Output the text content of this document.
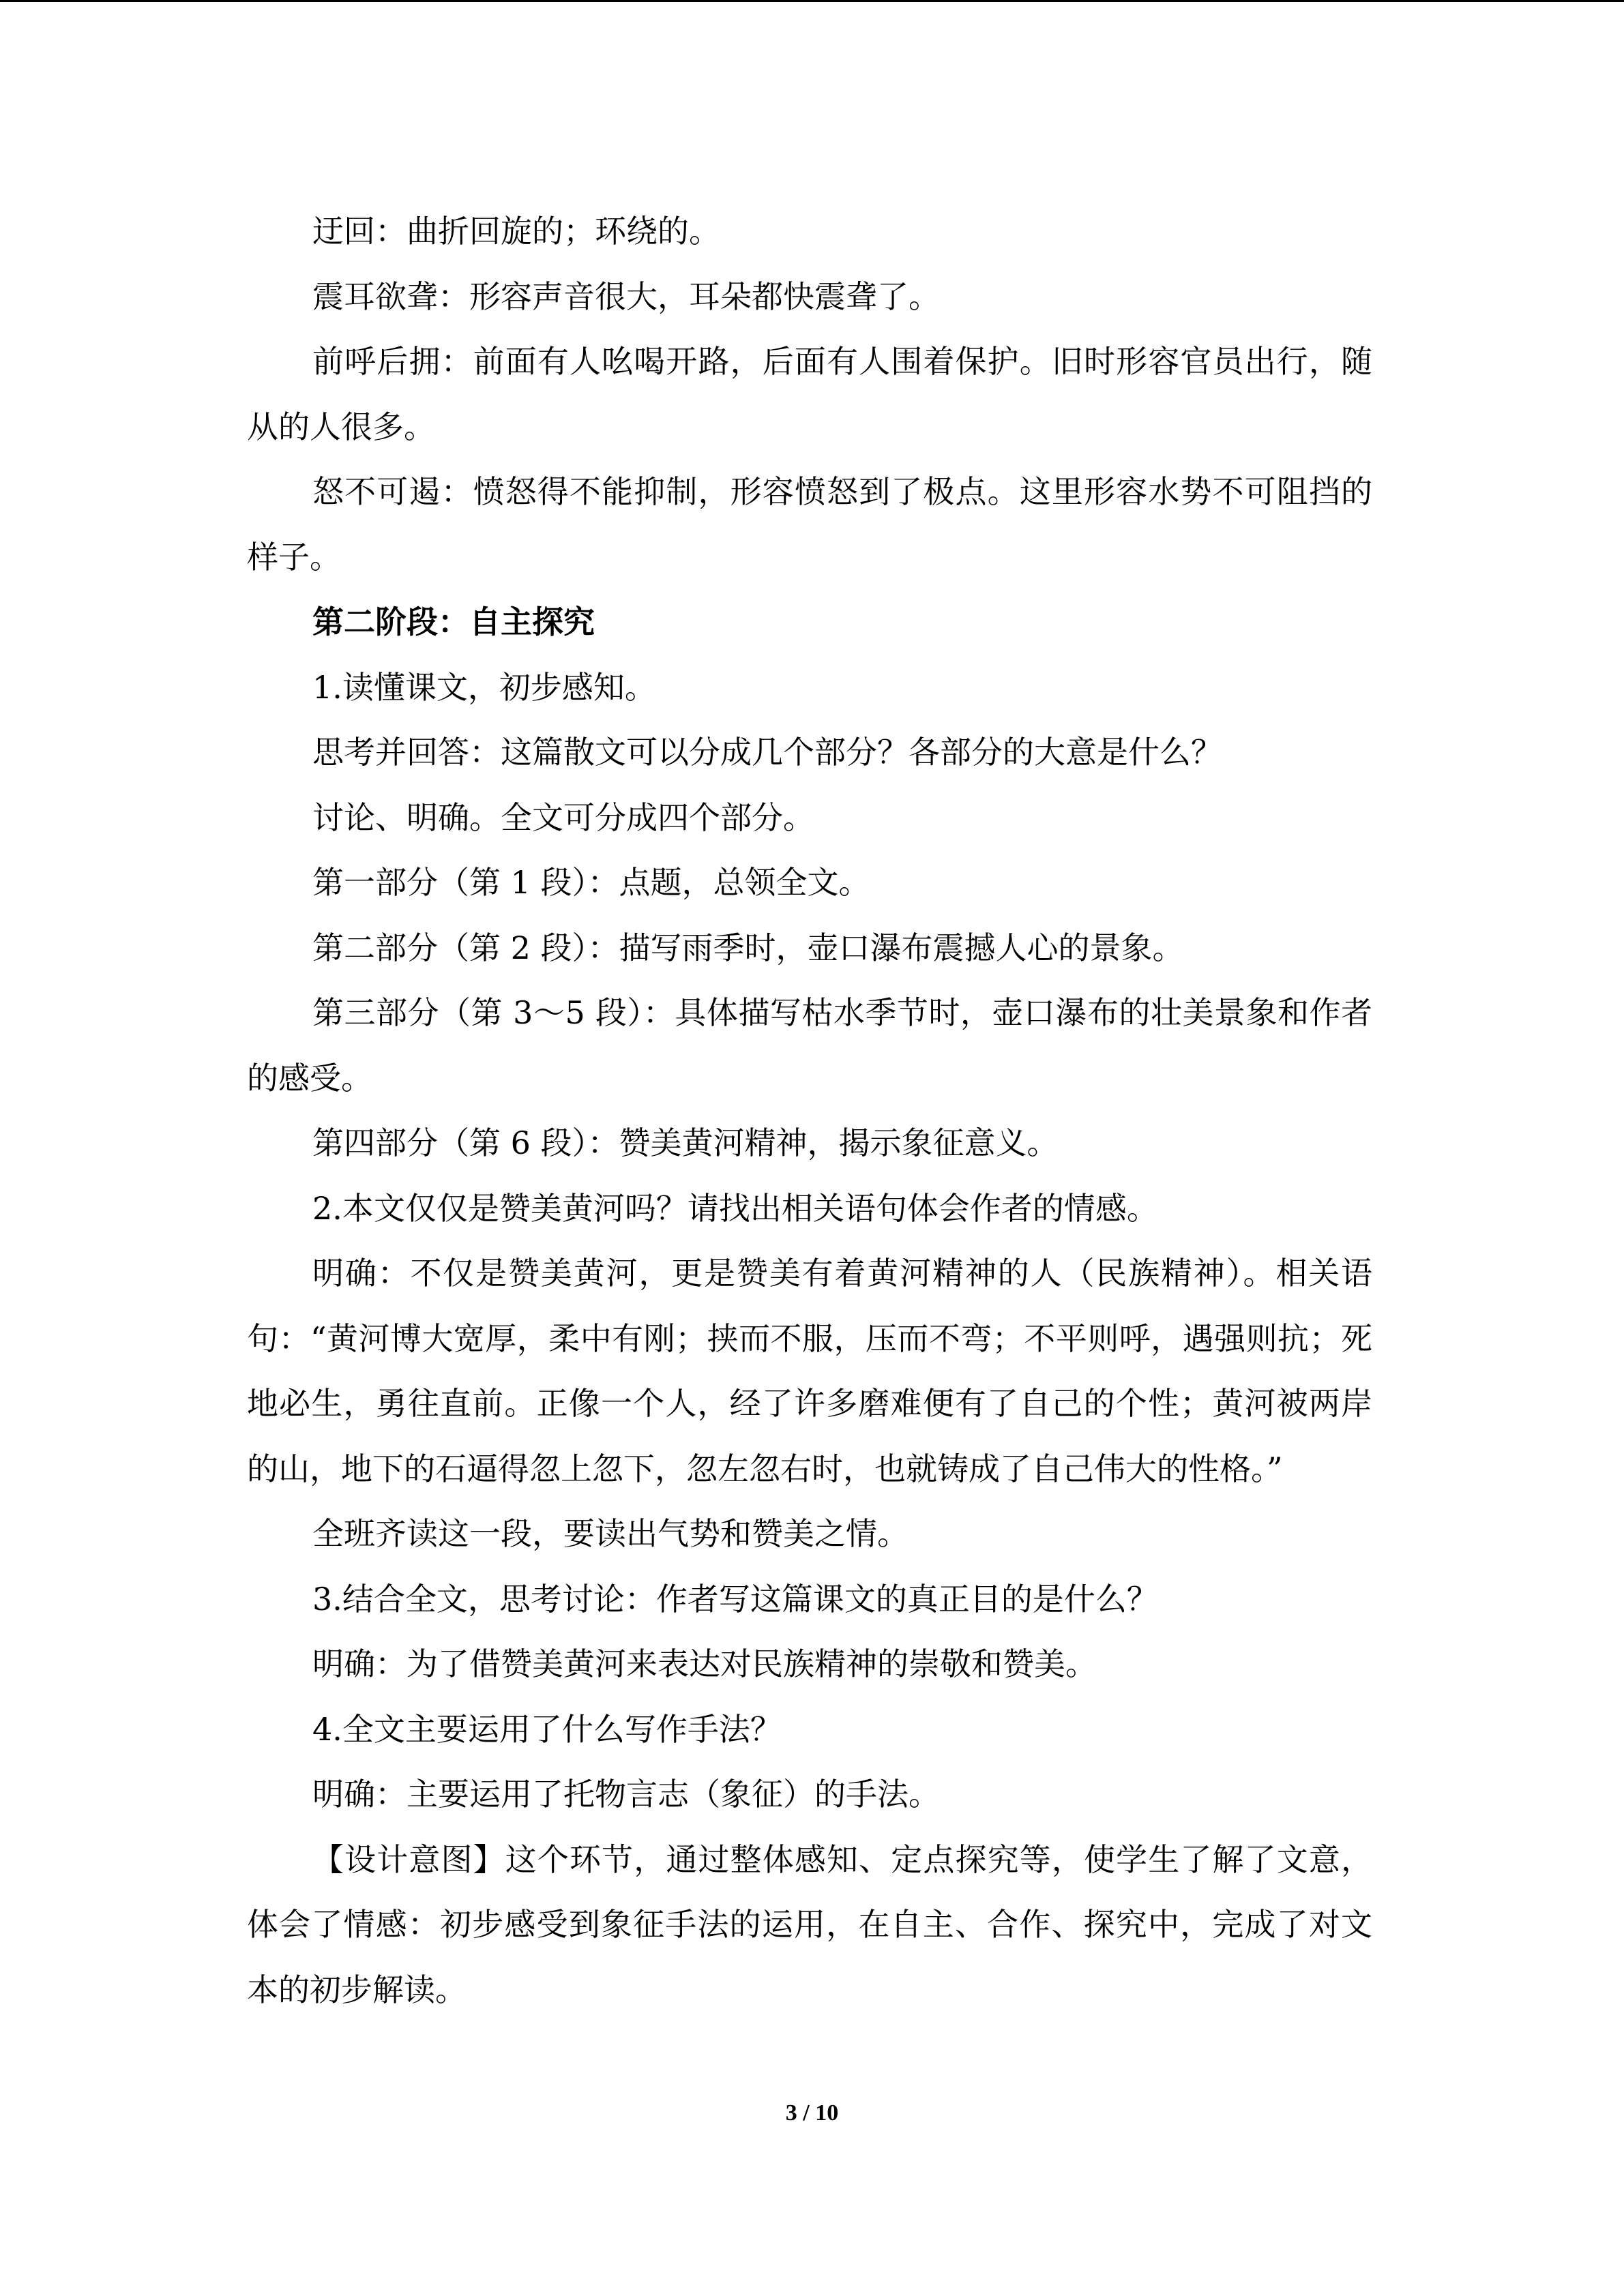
迂回：曲折回旋的；环绕的。

震耳欲聋：形容声音很大，耳朵都快震聋了。

前呼后拥：前面有人吆喝开路，后面有人围着保护。旧时形容官员出行，随从的人很多。

怒不可遏：愤怒得不能抑制，形容愤怒到了极点。这里形容水势不可阻挡的样子。

第二阶段：自主探究

1.读懂课文，初步感知。

思考并回答：这篇散文可以分成几个部分？各部分的大意是什么？

讨论、明确。全文可分成四个部分。

第一部分（第 1 段）：点题，总领全文。

第二部分（第 2 段）：描写雨季时，壶口瀑布震撼人心的景象。

第三部分（第 3～5 段）：具体描写枯水季节时，壶口瀑布的壮美景象和作者的感受。

第四部分（第 6 段）：赞美黄河精神，揭示象征意义。

2.本文仅仅是赞美黄河吗？请找出相关语句体会作者的情感。

明确：不仅是赞美黄河，更是赞美有着黄河精神的人（民族精神）。相关语句：“黄河博大宽厚，柔中有刚；挟而不服，压而不弯；不平则呼，遇强则抗；死地必生，勇往直前。正像一个人，经了许多磨难便有了自己的个性；黄河被两岸的山，地下的石逼得忽上忽下，忽左忽右时，也就铸成了自己伟大的性格。”

全班齐读这一段，要读出气势和赞美之情。

3.结合全文，思考讨论：作者写这篇课文的真正目的是什么？

明确：为了借赞美黄河来表达对民族精神的崇敬和赞美。

4.全文主要运用了什么写作手法？

明确：主要运用了托物言志（象征）的手法。

【设计意图】这个环节，通过整体感知、定点探究等，使学生了解了文意，体会了情感：初步感受到象征手法的运用，在自主、合作、探究中，完成了对文本的初步解读。

3 / 10
